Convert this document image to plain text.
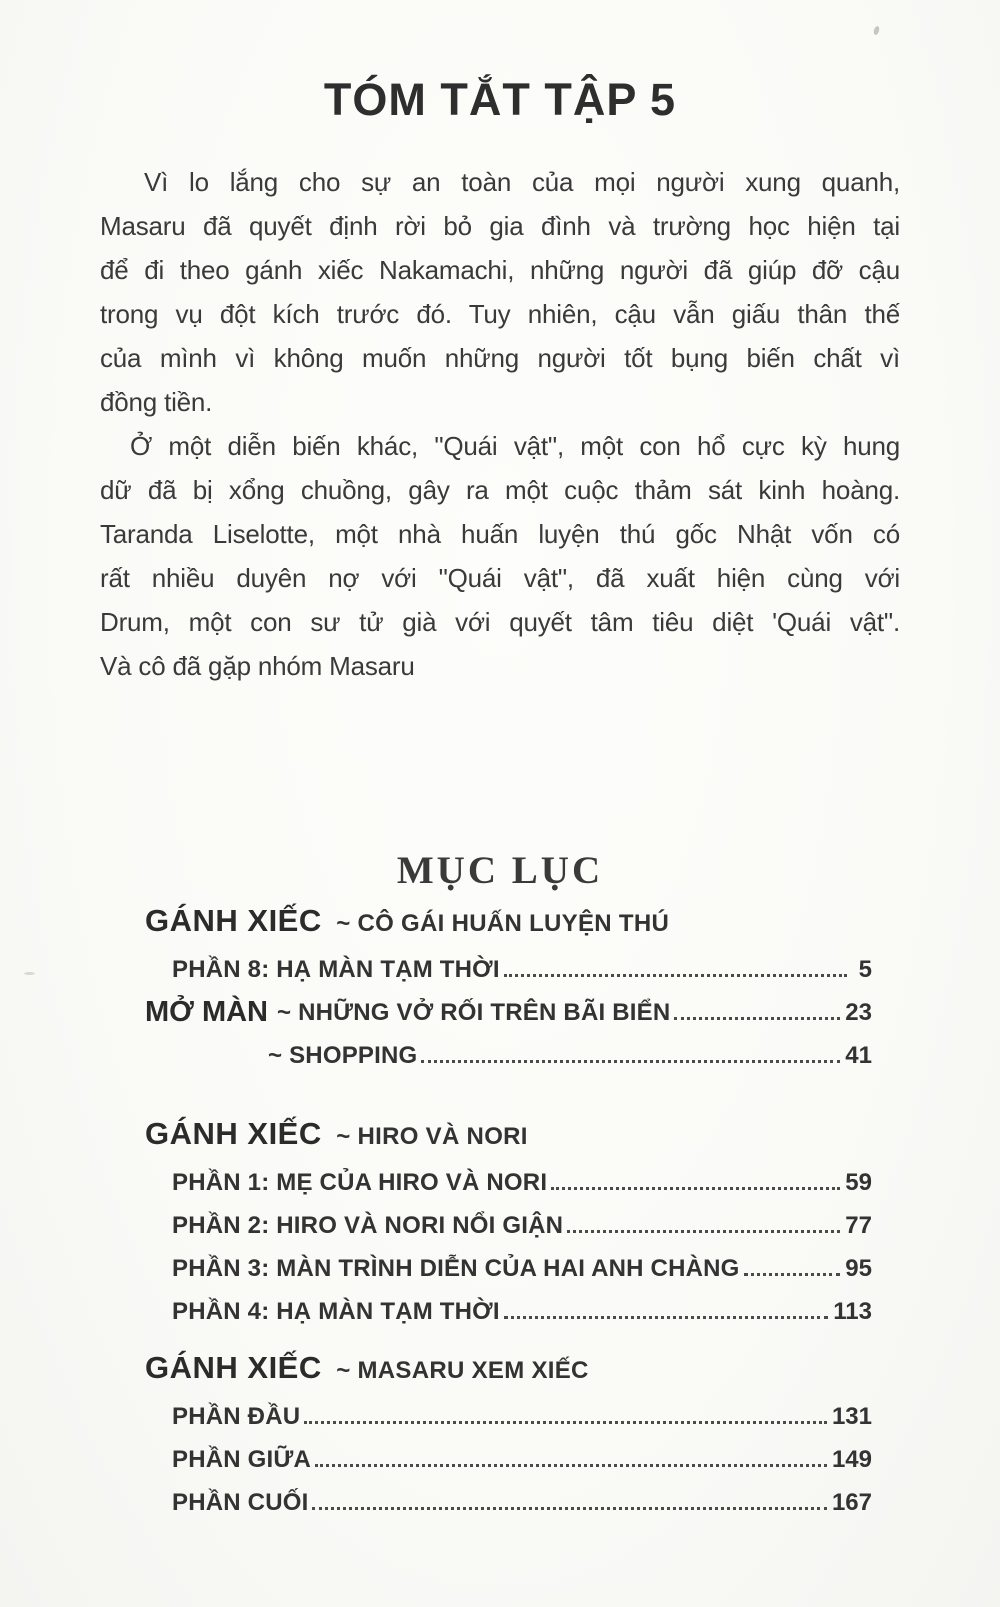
TÓM TẮT TẬP 5
Vì lo lắng cho sự an toàn của mọi người xung quanh,
Masaru đã quyết định rời bỏ gia đình và trường học hiện tại
để đi theo gánh xiếc Nakamachi, những người đã giúp đỡ cậu
trong vụ đột kích trước đó. Tuy nhiên, cậu vẫn giấu thân thế
của mình vì không muốn những người tốt bụng biến chất vì
đồng tiền.
Ở một diễn biến khác, "Quái vật", một con hổ cực kỳ hung
dữ đã bị xổng chuồng, gây ra một cuộc thảm sát kinh hoàng.
Taranda Liselotte, một nhà huấn luyện thú gốc Nhật vốn có
rất nhiều duyên nợ với "Quái vật", đã xuất hiện cùng với
Drum, một con sư tử già với quyết tâm tiêu diệt 'Quái vật".
Và cô đã gặp nhóm Masaru
MỤC LỤC
GÁNH XIẾC ~ CÔ GÁI HUẤN LUYỆN THÚ
PHẦN 8: HẠ MÀN TẠM THỜI	5
MỞ MÀN ~ NHỮNG VỞ RỐI TRÊN BÃI BIỂN	23
~ SHOPPING	41
GÁNH XIẾC ~ HIRO VÀ NORI
PHẦN 1: MẸ CỦA HIRO VÀ NORI	59
PHẦN 2: HIRO VÀ NORI NỔI GIẬN	77
PHẦN 3: MÀN TRÌNH DIỄN CỦA HAI ANH CHÀNG	95
PHẦN 4: HẠ MÀN TẠM THỜI	113
GÁNH XIẾC ~ MASARU XEM XIẾC
PHẦN ĐẦU	131
PHẦN GIỮA	149
PHẦN CUỐI	167
